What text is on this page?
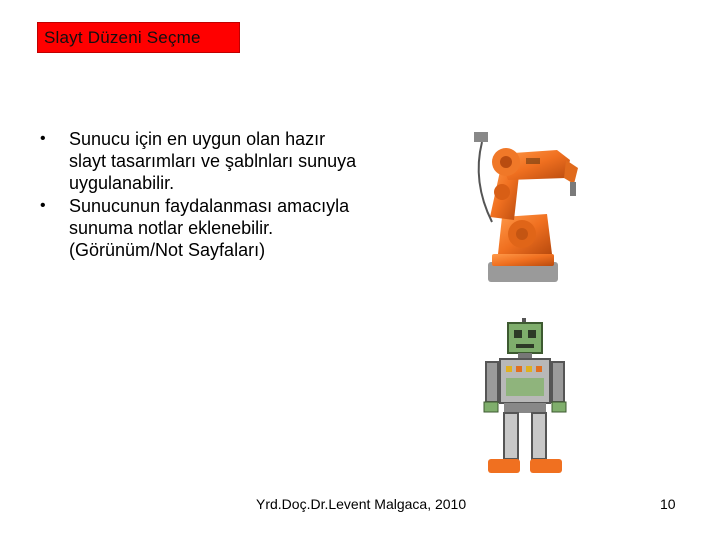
Slayt Düzeni Seçme
• Sunucu için en uygun olan hazır slayt tasarımları ve şablnları sunuya uygulanabilir.
• Sunucunun faydalanması amacıyla sunuma notlar eklenebilir. (Görünüm/Not Sayfaları)
Yrd.Doç.Dr.Levent Malgaca, 2010	10
